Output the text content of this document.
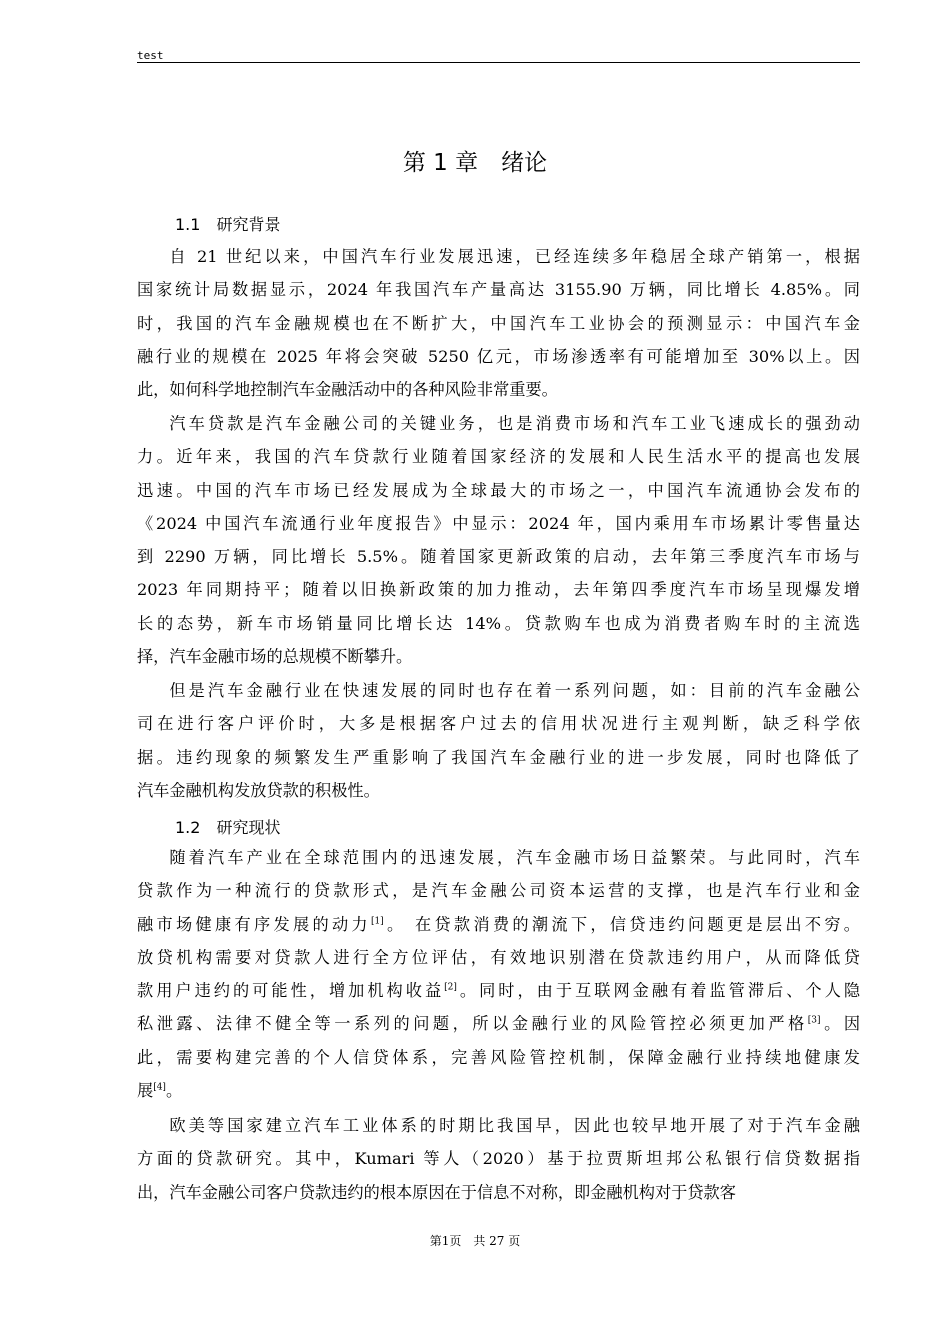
test
第 1 章　绪论
1.1　研究背景
自 21 世纪以来，中国汽车行业发展迅速，已经连续多年稳居全球产销第一，根据
国家统计局数据显示，2024 年我国汽车产量高达 3155.90 万辆，同比增长 4.85%。同
时，我国的汽车金融规模也在不断扩大，中国汽车工业协会的预测显示：中国汽车金
融行业的规模在 2025 年将会突破 5250 亿元，市场渗透率有可能增加至 30%以上。因
此，如何科学地控制汽车金融活动中的各种风险非常重要。
汽车贷款是汽车金融公司的关键业务，也是消费市场和汽车工业飞速成长的强劲动
力。近年来，我国的汽车贷款行业随着国家经济的发展和人民生活水平的提高也发展
迅速。中国的汽车市场已经发展成为全球最大的市场之一，中国汽车流通协会发布的
《2024 中国汽车流通行业年度报告》中显示：2024 年，国内乘用车市场累计零售量达
到 2290 万辆，同比增长 5.5%。随着国家更新政策的启动，去年第三季度汽车市场与
2023 年同期持平；随着以旧换新政策的加力推动，去年第四季度汽车市场呈现爆发增
长的态势，新车市场销量同比增长达 14%。贷款购车也成为消费者购车时的主流选
择，汽车金融市场的总规模不断攀升。
但是汽车金融行业在快速发展的同时也存在着一系列问题，如：目前的汽车金融公
司在进行客户评价时，大多是根据客户过去的信用状况进行主观判断，缺乏科学依
据。违约现象的频繁发生严重影响了我国汽车金融行业的进一步发展，同时也降低了
汽车金融机构发放贷款的积极性。
1.2　研究现状
随着汽车产业在全球范围内的迅速发展，汽车金融市场日益繁荣。与此同时，汽车
贷款作为一种流行的贷款形式，是汽车金融公司资本运营的支撑，也是汽车行业和金
融市场健康有序发展的动力[1]。 在贷款消费的潮流下，信贷违约问题更是层出不穷。
放贷机构需要对贷款人进行全方位评估，有效地识别潜在贷款违约用户，从而降低贷
款用户违约的可能性，增加机构收益[2]。同时，由于互联网金融有着监管滞后、个人隐
私泄露、法律不健全等一系列的问题，所以金融行业的风险管控必须更加严格[3]。因
此，需要构建完善的个人信贷体系，完善风险管控机制，保障金融行业持续地健康发
展[4]。
欧美等国家建立汽车工业体系的时期比我国早，因此也较早地开展了对于汽车金融
方面的贷款研究。其中，Kumari 等人（2020）基于拉贾斯坦邦公私银行信贷数据指
出，汽车金融公司客户贷款违约的根本原因在于信息不对称，即金融机构对于贷款客
第1页　共 27 页
